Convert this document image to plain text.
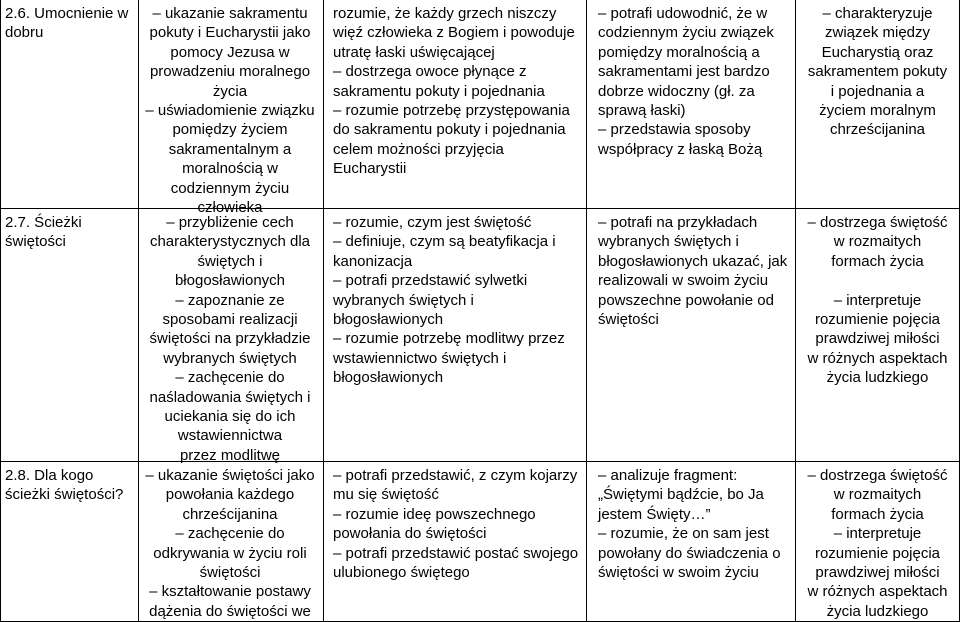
2.6. Umocnienie w
dobru
– ukazanie sakramentu
pokuty i Eucharystii jako
pomocy Jezusa w
prowadzeniu moralnego
życia
– uświadomienie związku
pomiędzy życiem
sakramentalnym a
moralnością w
codziennym życiu
człowieka
rozumie, że każdy grzech niszczy
więź człowieka z Bogiem i powoduje
utratę łaski uświęcającej
– dostrzega owoce płynące z
sakramentu pokuty i pojednania
– rozumie potrzebę przystępowania
do sakramentu pokuty i pojednania
celem możności przyjęcia
Eucharystii
– potrafi udowodnić, że w
codziennym życiu związek
pomiędzy moralnością a
sakramentami jest bardzo
dobrze widoczny (gł. za
sprawą łaski)
– przedstawia sposoby
współpracy z łaską Bożą
– charakteryzuje
związek między
Eucharystią oraz
sakramentem pokuty
i pojednania a
życiem moralnym
chrześcijanina
2.7. Ścieżki
świętości
– przybliżenie cech
charakterystycznych dla
świętych i
błogosławionych
– zapoznanie ze
sposobami realizacji
świętości na przykładzie
wybranych świętych
– zachęcenie do
naśladowania świętych i
uciekania się do ich
wstawiennictwa
przez modlitwę
– rozumie, czym jest świętość
– definiuje, czym są beatyfikacja i
kanonizacja
– potrafi przedstawić sylwetki
wybranych świętych i
błogosławionych
– rozumie potrzebę modlitwy przez
wstawiennictwo świętych i
błogosławionych
– potrafi na przykładach
wybranych świętych i
błogosławionych ukazać, jak
realizowali w swoim życiu
powszechne powołanie od
świętości
– dostrzega świętość
w rozmaitych
formach życia
– interpretuje
rozumienie pojęcia
prawdziwej miłości
w różnych aspektach
życia ludzkiego
2.8. Dla kogo
ścieżki świętości?
– ukazanie świętości jako
powołania każdego
chrześcijanina
– zachęcenie do
odkrywania w życiu roli
świętości
– kształtowanie postawy
dążenia do świętości we
– potrafi przedstawić, z czym kojarzy
mu się świętość
– rozumie ideę powszechnego
powołania do świętości
– potrafi przedstawić postać swojego
ulubionego świętego
– analizuje fragment:
„Świętymi bądźcie, bo Ja
jestem Święty…”
– rozumie, że on sam jest
powołany do świadczenia o
świętości w swoim życiu
– dostrzega świętość
w rozmaitych
formach życia
– interpretuje
rozumienie pojęcia
prawdziwej miłości
w różnych aspektach
życia ludzkiego
